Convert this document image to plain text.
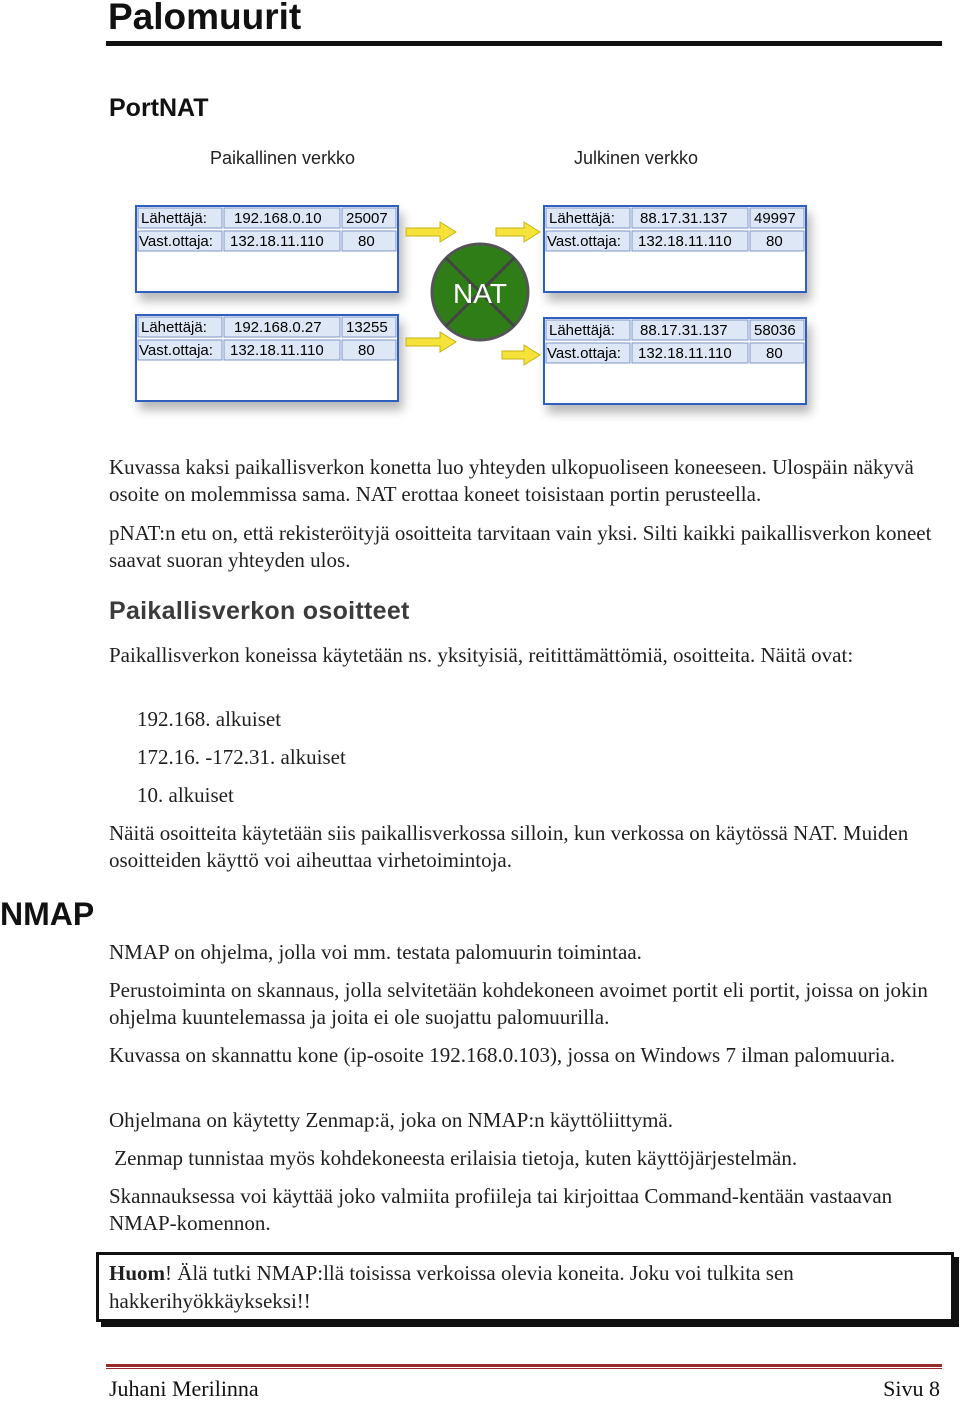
Palomuurit
PortNAT
Paikallinen verkko	Julkinen verkko
Lähettäjä: 192.168.0.10 25007
Vast.ottaja: 132.18.11.110 80
Lähettäjä: 88.17.31.137 49997
Vast.ottaja: 132.18.11.110 80
Lähettäjä: 192.168.0.27 13255
Vast.ottaja: 132.18.11.110 80
Lähettäjä: 88.17.31.137 58036
Vast.ottaja: 132.18.11.110 80
NAT
Kuvassa kaksi paikallisverkon konetta luo yhteyden ulkopuoliseen koneeseen. Ulospäin näkyvä osoite on molemmissa sama. NAT erottaa koneet toisistaan portin perusteella.
pNAT:n etu on, että rekisteröityjä osoitteita tarvitaan vain yksi. Silti kaikki paikallisverkon koneet saavat suoran yhteyden ulos.
Paikallisverkon osoitteet
Paikallisverkon koneissa käytetään ns. yksityisiä, reitittämättömiä, osoitteita. Näitä ovat:
192.168. alkuiset
172.16. -172.31. alkuiset
10. alkuiset
Näitä osoitteita käytetään siis paikallisverkossa silloin, kun verkossa on käytössä NAT. Muiden osoitteiden käyttö voi aiheuttaa virhetoimintoja.
NMAP
NMAP on ohjelma, jolla voi mm. testata palomuurin toimintaa.
Perustoiminta on skannaus, jolla selvitetään kohdekoneen avoimet portit eli portit, joissa on jokin ohjelma kuuntelemassa ja joita ei ole suojattu palomuurilla.
Kuvassa on skannattu kone (ip-osoite 192.168.0.103), jossa on Windows 7 ilman palomuuria.
Ohjelmana on käytetty Zenmap:ä, joka on NMAP:n käyttöliittymä.
Zenmap tunnistaa myös kohdekoneesta erilaisia tietoja, kuten käyttöjärjestelmän.
Skannauksessa voi käyttää joko valmiita profiileja tai kirjoittaa Command-kentään vastaavan NMAP-komennon.
Huom! Älä tutki NMAP:llä toisissa verkoissa olevia koneita. Joku voi tulkita sen hakkerihyökkäykseksi!!
Juhani Merilinna	Sivu 8
